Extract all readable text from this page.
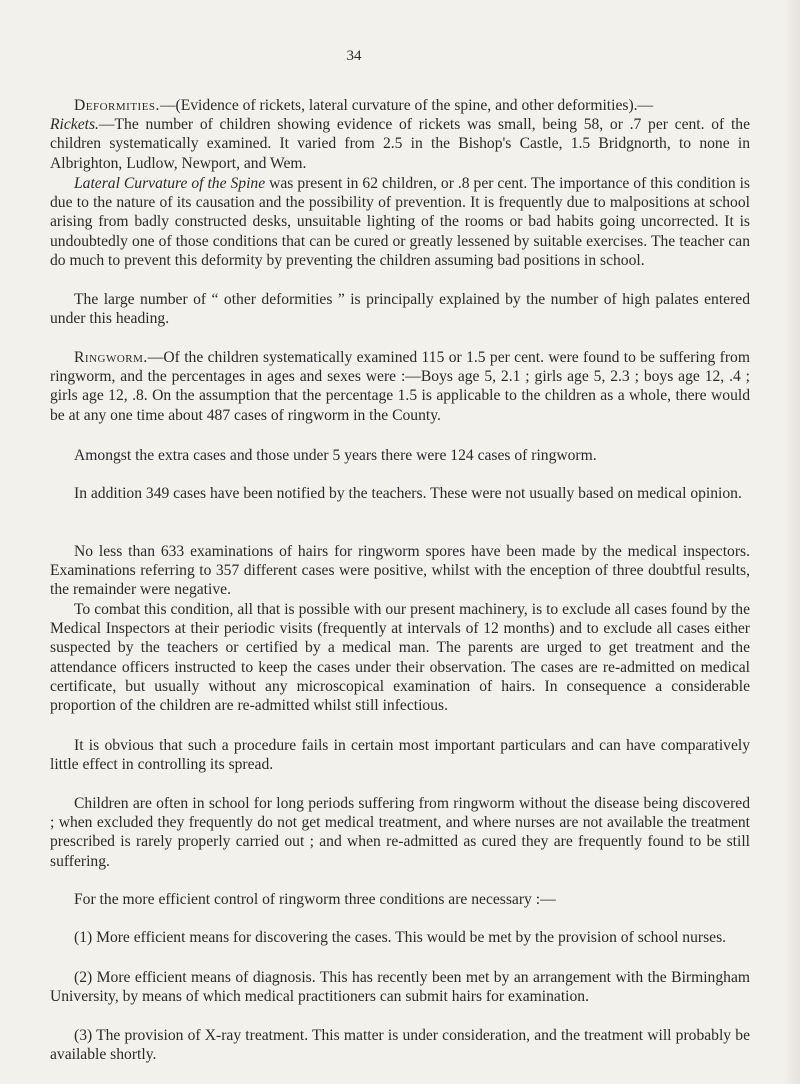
34

Deformities.—(Evidence of rickets, lateral curvature of the spine, and other deformities).—
Rickets.—The number of children showing evidence of rickets was small, being 58, or .7 per cent. of the children systematically examined. It varied from 2.5 in the Bishop's Castle, 1.5 Bridgnorth, to none in Albrighton, Ludlow, Newport, and Wem.

Lateral Curvature of the Spine was present in 62 children, or .8 per cent. The importance of this condition is due to the nature of its causation and the possibility of prevention. It is frequently due to malpositions at school arising from badly constructed desks, unsuitable lighting of the rooms or bad habits going uncorrected. It is undoubtedly one of those conditions that can be cured or greatly lessened by suitable exercises. The teacher can do much to prevent this deformity by preventing the children assuming bad positions in school.

The large number of “ other deformities ” is principally explained by the number of high palates entered under this heading.

Ringworm.—Of the children systematically examined 115 or 1.5 per cent. were found to be suffering from ringworm, and the percentages in ages and sexes were :—Boys age 5, 2.1 ; girls age 5, 2.3 ; boys age 12, .4 ; girls age 12, .8. On the assumption that the percentage 1.5 is applicable to the children as a whole, there would be at any one time about 487 cases of ringworm in the County.

Amongst the extra cases and those under 5 years there were 124 cases of ringworm.

In addition 349 cases have been notified by the teachers. These were not usually based on medical opinion.

No less than 633 examinations of hairs for ringworm spores have been made by the medical inspectors. Examinations referring to 357 different cases were positive, whilst with the enception of three doubtful results, the remainder were negative.

To combat this condition, all that is possible with our present machinery, is to exclude all cases found by the Medical Inspectors at their periodic visits (frequently at intervals of 12 months) and to exclude all cases either suspected by the teachers or certified by a medical man. The parents are urged to get treatment and the attendance officers instructed to keep the cases under their observation. The cases are re-admitted on medical certificate, but usually without any microscopical examination of hairs. In consequence a considerable proportion of the children are re-admitted whilst still infectious.

It is obvious that such a procedure fails in certain most important particulars and can have comparatively little effect in controlling its spread.

Children are often in school for long periods suffering from ringworm without the disease being discovered ; when excluded they frequently do not get medical treatment, and where nurses are not available the treatment prescribed is rarely properly carried out ; and when re-admitted as cured they are frequently found to be still suffering.

For the more efficient control of ringworm three conditions are necessary :—

(1) More efficient means for discovering the cases. This would be met by the provision of school nurses.

(2) More efficient means of diagnosis. This has recently been met by an arrangement with the Birmingham University, by means of which medical practitioners can submit hairs for examination.

(3) The provision of X-ray treatment. This matter is under consideration, and the treatment will probably be available shortly.
